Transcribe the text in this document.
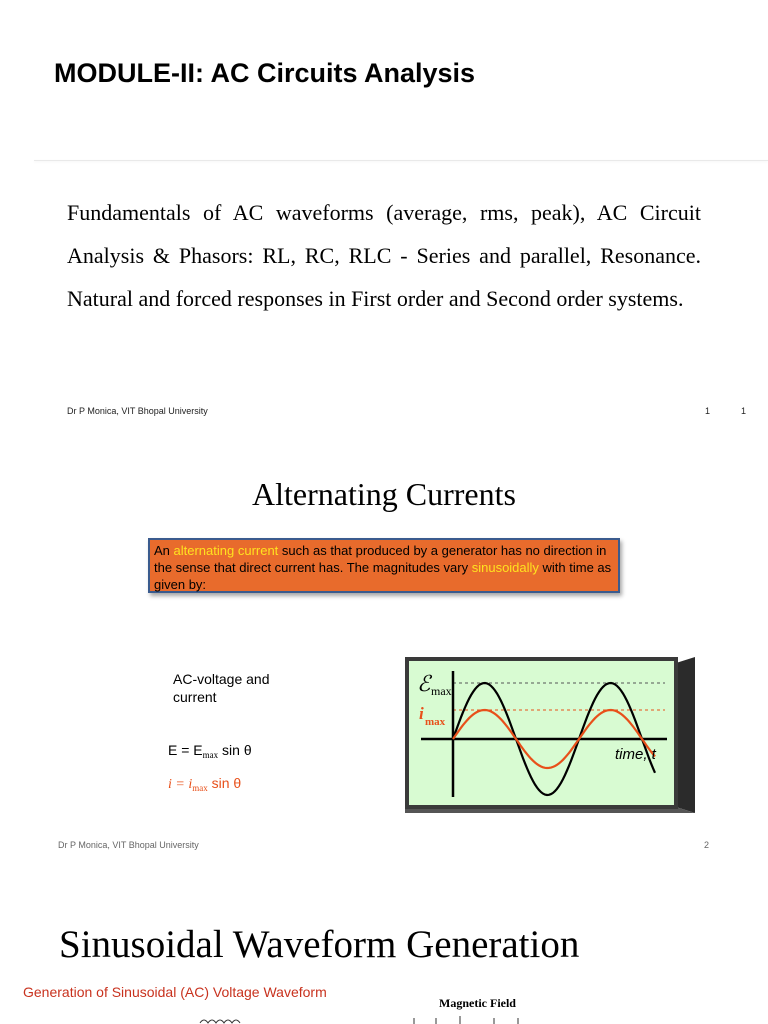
MODULE-II: AC Circuits Analysis
Fundamentals of AC waveforms (average, rms, peak), AC Circuit Analysis & Phasors: RL, RC, RLC - Series and parallel, Resonance. Natural and forced responses in First order and Second order systems.
Dr P Monica, VIT Bhopal University	1	1
Alternating Currents
An alternating current such as that produced by a generator has no direction in the sense that direct current has. The magnitudes vary sinusoidally with time as given by:
AC-voltage and current
$E = E_{max}$ sin θ
$i = i_{max}$ sin θ
ℰ max
i max
time, t
Dr P Monica, VIT Bhopal University	2
Sinusoidal Waveform Generation
Generation of Sinusoidal (AC) Voltage Waveform
Magnetic Field
